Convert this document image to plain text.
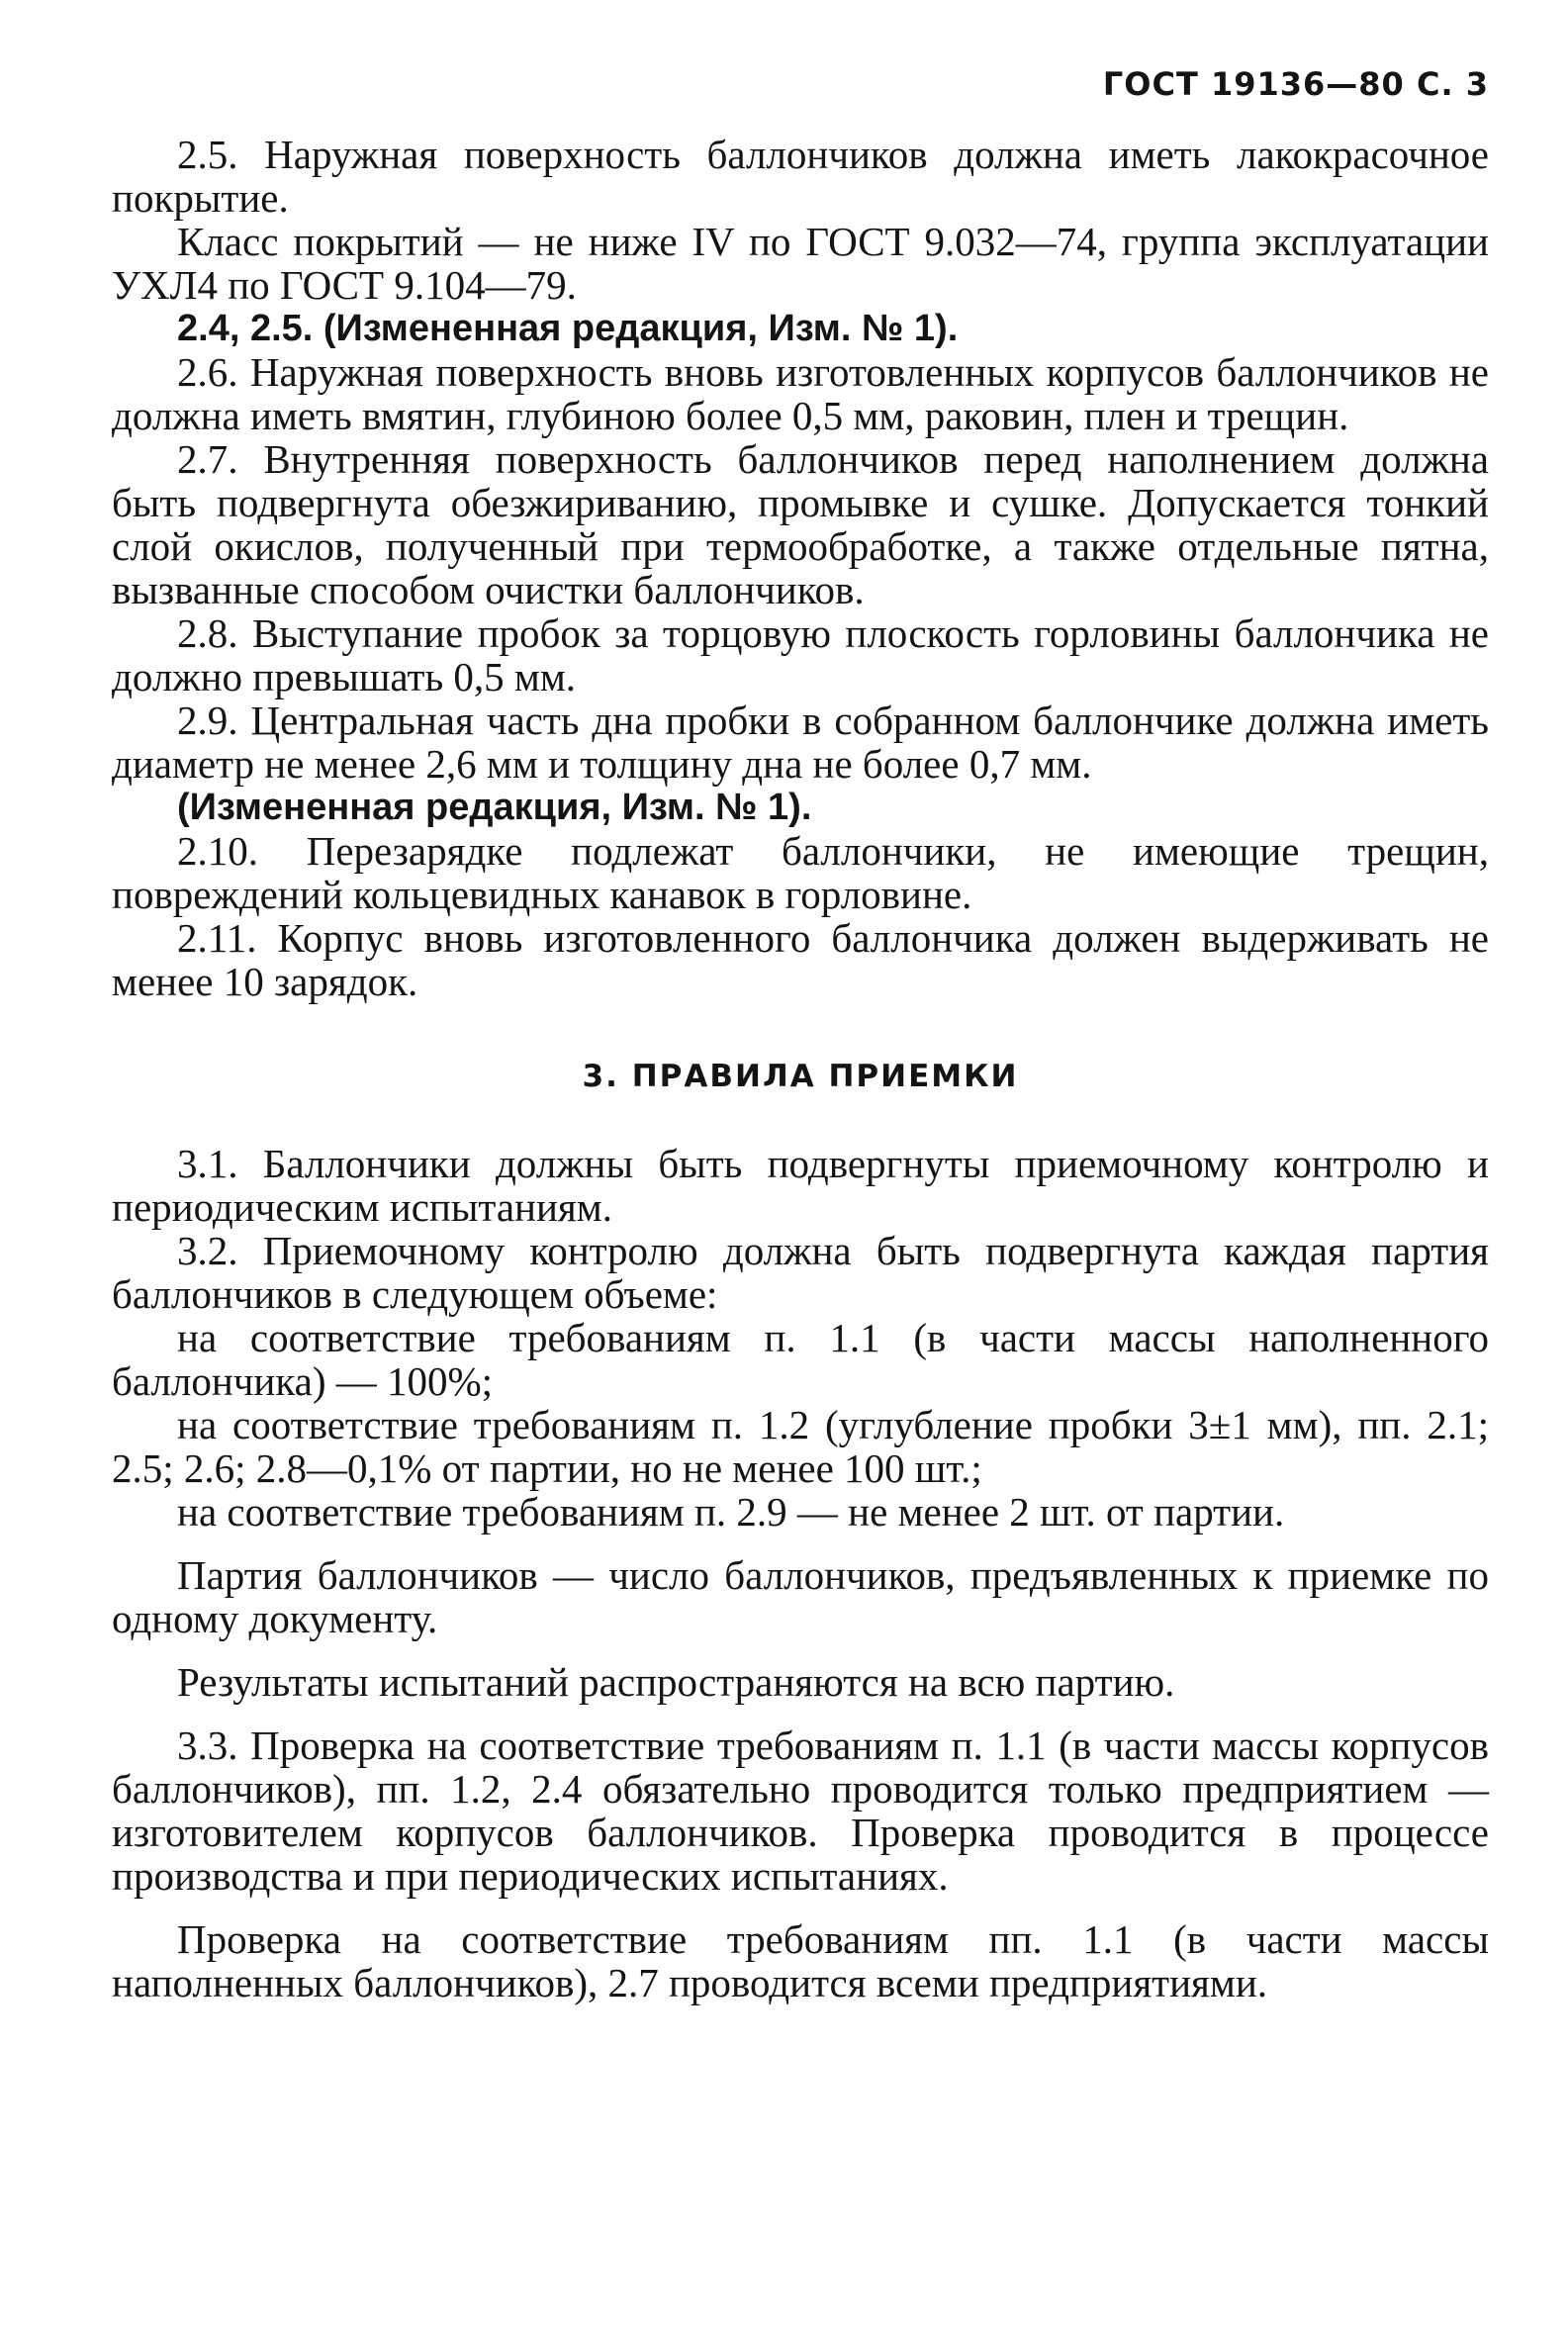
ГОСТ 19136—80 С. 3

2.5. Наружная поверхность баллончиков должна иметь лакокрасочное покрытие.

Класс покрытий — не ниже IV по ГОСТ 9.032—74, группа эксплуатации УХЛ4 по ГОСТ 9.104—79.

2.4, 2.5. (Измененная редакция, Изм. № 1).

2.6. Наружная поверхность вновь изготовленных корпусов баллончиков не должна иметь вмятин, глубиною более 0,5 мм, раковин, плен и трещин.

2.7. Внутренняя поверхность баллончиков перед наполнением должна быть подвергнута обезжириванию, промывке и сушке. Допускается тонкий слой окислов, полученный при термообработке, а также отдельные пятна, вызванные способом очистки баллончиков.

2.8. Выступание пробок за торцовую плоскость горловины баллончика не должно превышать 0,5 мм.

2.9. Центральная часть дна пробки в собранном баллончике должна иметь диаметр не менее 2,6 мм и толщину дна не более 0,7 мм.

(Измененная редакция, Изм. № 1).

2.10. Перезарядке подлежат баллончики, не имеющие трещин, повреждений кольцевидных канавок в горловине.

2.11. Корпус вновь изготовленного баллончика должен выдерживать не менее 10 зарядок.

3. ПРАВИЛА ПРИЕМКИ

3.1. Баллончики должны быть подвергнуты приемочному контролю и периодическим испытаниям.

3.2. Приемочному контролю должна быть подвергнута каждая партия баллончиков в следующем объеме:

на соответствие требованиям п. 1.1 (в части массы наполненного баллончика) — 100%;

на соответствие требованиям п. 1.2 (углубление пробки 3±1 мм), пп. 2.1; 2.5; 2.6; 2.8—0,1% от партии, но не менее 100 шт.;

на соответствие требованиям п. 2.9 — не менее 2 шт. от партии.

Партия баллончиков — число баллончиков, предъявленных к приемке по одному документу.

Результаты испытаний распространяются на всю партию.

3.3. Проверка на соответствие требованиям п. 1.1 (в части массы корпусов баллончиков), пп. 1.2, 2.4 обязательно проводится только предприятием — изготовителем корпусов баллончиков. Проверка проводится в процессе производства и при периодических испытаниях.

Проверка на соответствие требованиям пп. 1.1 (в части массы наполненных баллончиков), 2.7 проводится всеми предприятиями.
